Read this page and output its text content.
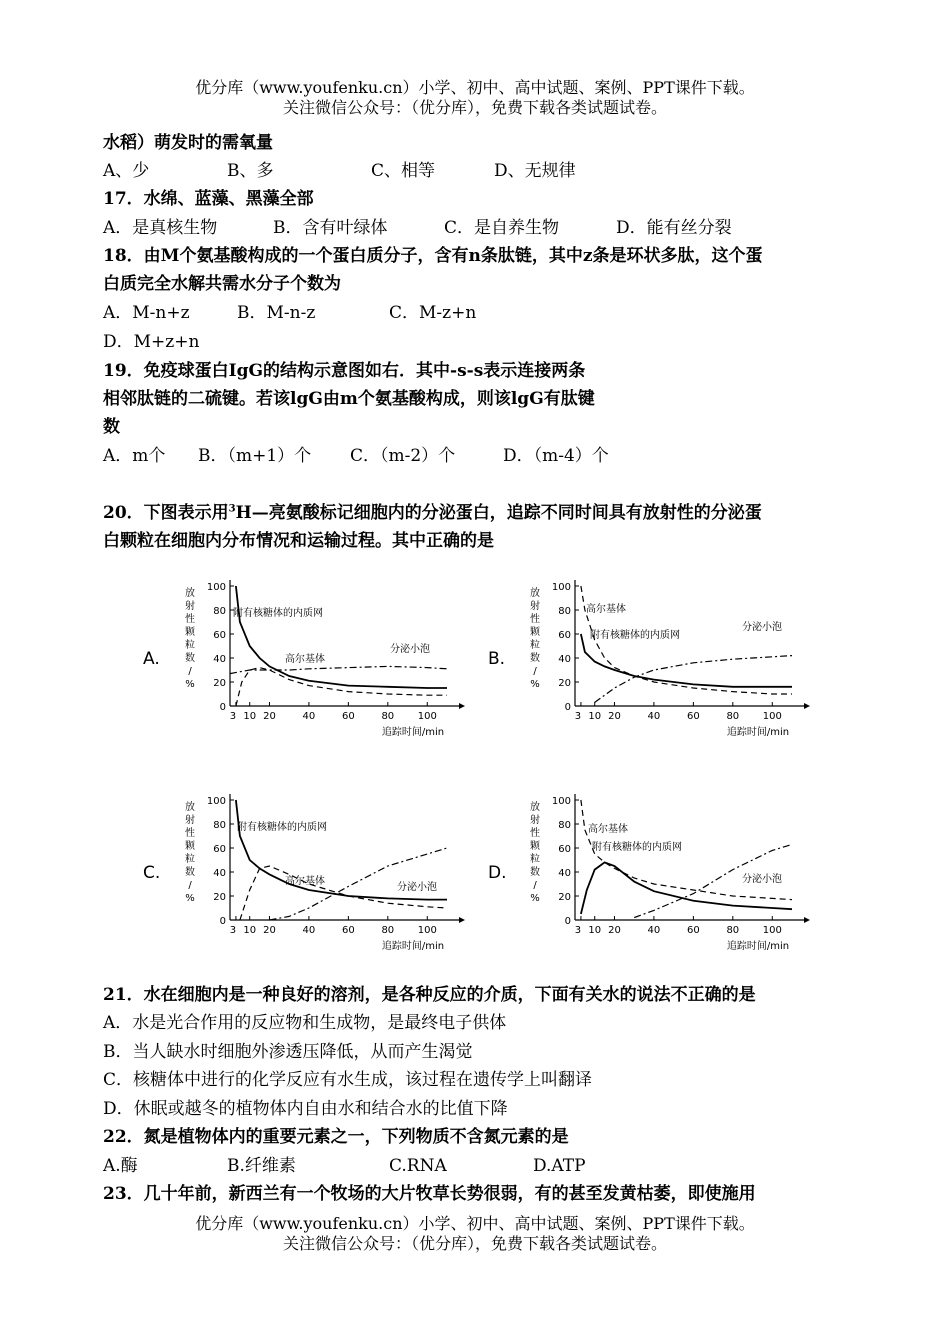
优分库（www.youfenku.cn）小学、初中、高中试题、案例、PPT课件下载。
关注微信公众号：（优分库），免费下载各类试题试卷。
水稻）萌发时的需氧量
A、少	B、多	C、相等	D、无规律
17．水绵、蓝藻、黑藻全部
A．是真核生物	B．含有叶绿体	C．是自养生物	D．能有丝分裂
18．由M个氨基酸构成的一个蛋白质分子，含有n条肽链，其中z条是环状多肽，这个蛋
白质完全水解共需水分子个数为
A．M-n+z	B．M-n-z	C．M-z+n
D．M+z+n
19．免疫球蛋白IgG的结构示意图如右．其中-s-s表示连接两条
相邻肽链的二硫键。若该lgG由m个氨基酸构成，则该lgG有肽键
数
A．m个 B．（m+1）个 C．（m-2）个	D．（m-4）个
20．下图表示用$^3$H—亮氨酸标记细胞内的分泌蛋白，追踪不同时间具有放射性的分泌蛋
白颗粒在细胞内分布情况和运输过程。其中正确的是
A.
0
20
40
60
80
100
3 10 20	40	60	80 100
追踪时间/min
放
射
性
颗
粒
数
/
%
附有核糖体的内质网
高尔基体
分泌小泡	B.
0
20
40
60
80
100
3 10 20	40	60	80 100
追踪时间/min
放
射
性
颗
粒
数
/
%
附有核糖体的内质网
高尔基体
分泌小泡
C.
0
20
40
60
80
100
3 10 20	40	60	80 100
追踪时间/min
放
射
性
颗
粒
数
/
%
附有核糖体的内质网
高尔基体
分泌小泡
D.
0
20
40
60
80
100
3 10 20	40	60	80 100
追踪时间/min
放
射
性
颗
粒
数
/
%
附有核糖体的内质网
高尔基体
分泌小泡
21．水在细胞内是一种良好的溶剂，是各种反应的介质，下面有关水的说法不正确的是
A．水是光合作用的反应物和生成物，是最终电子供体
B．当人缺水时细胞外渗透压降低，从而产生渴觉
C．核糖体中进行的化学反应有水生成，该过程在遗传学上叫翻译
D．休眠或越冬的植物体内自由水和结合水的比值下降
22．氮是植物体内的重要元素之一，下列物质不含氮元素的是
A.酶	B.纤维素	C.RNA	D.ATP
23．几十年前，新西兰有一个牧场的大片牧草长势很弱，有的甚至发黄枯萎，即使施用
优分库（www.youfenku.cn）小学、初中、高中试题、案例、PPT课件下载。
关注微信公众号：（优分库），免费下载各类试题试卷。
